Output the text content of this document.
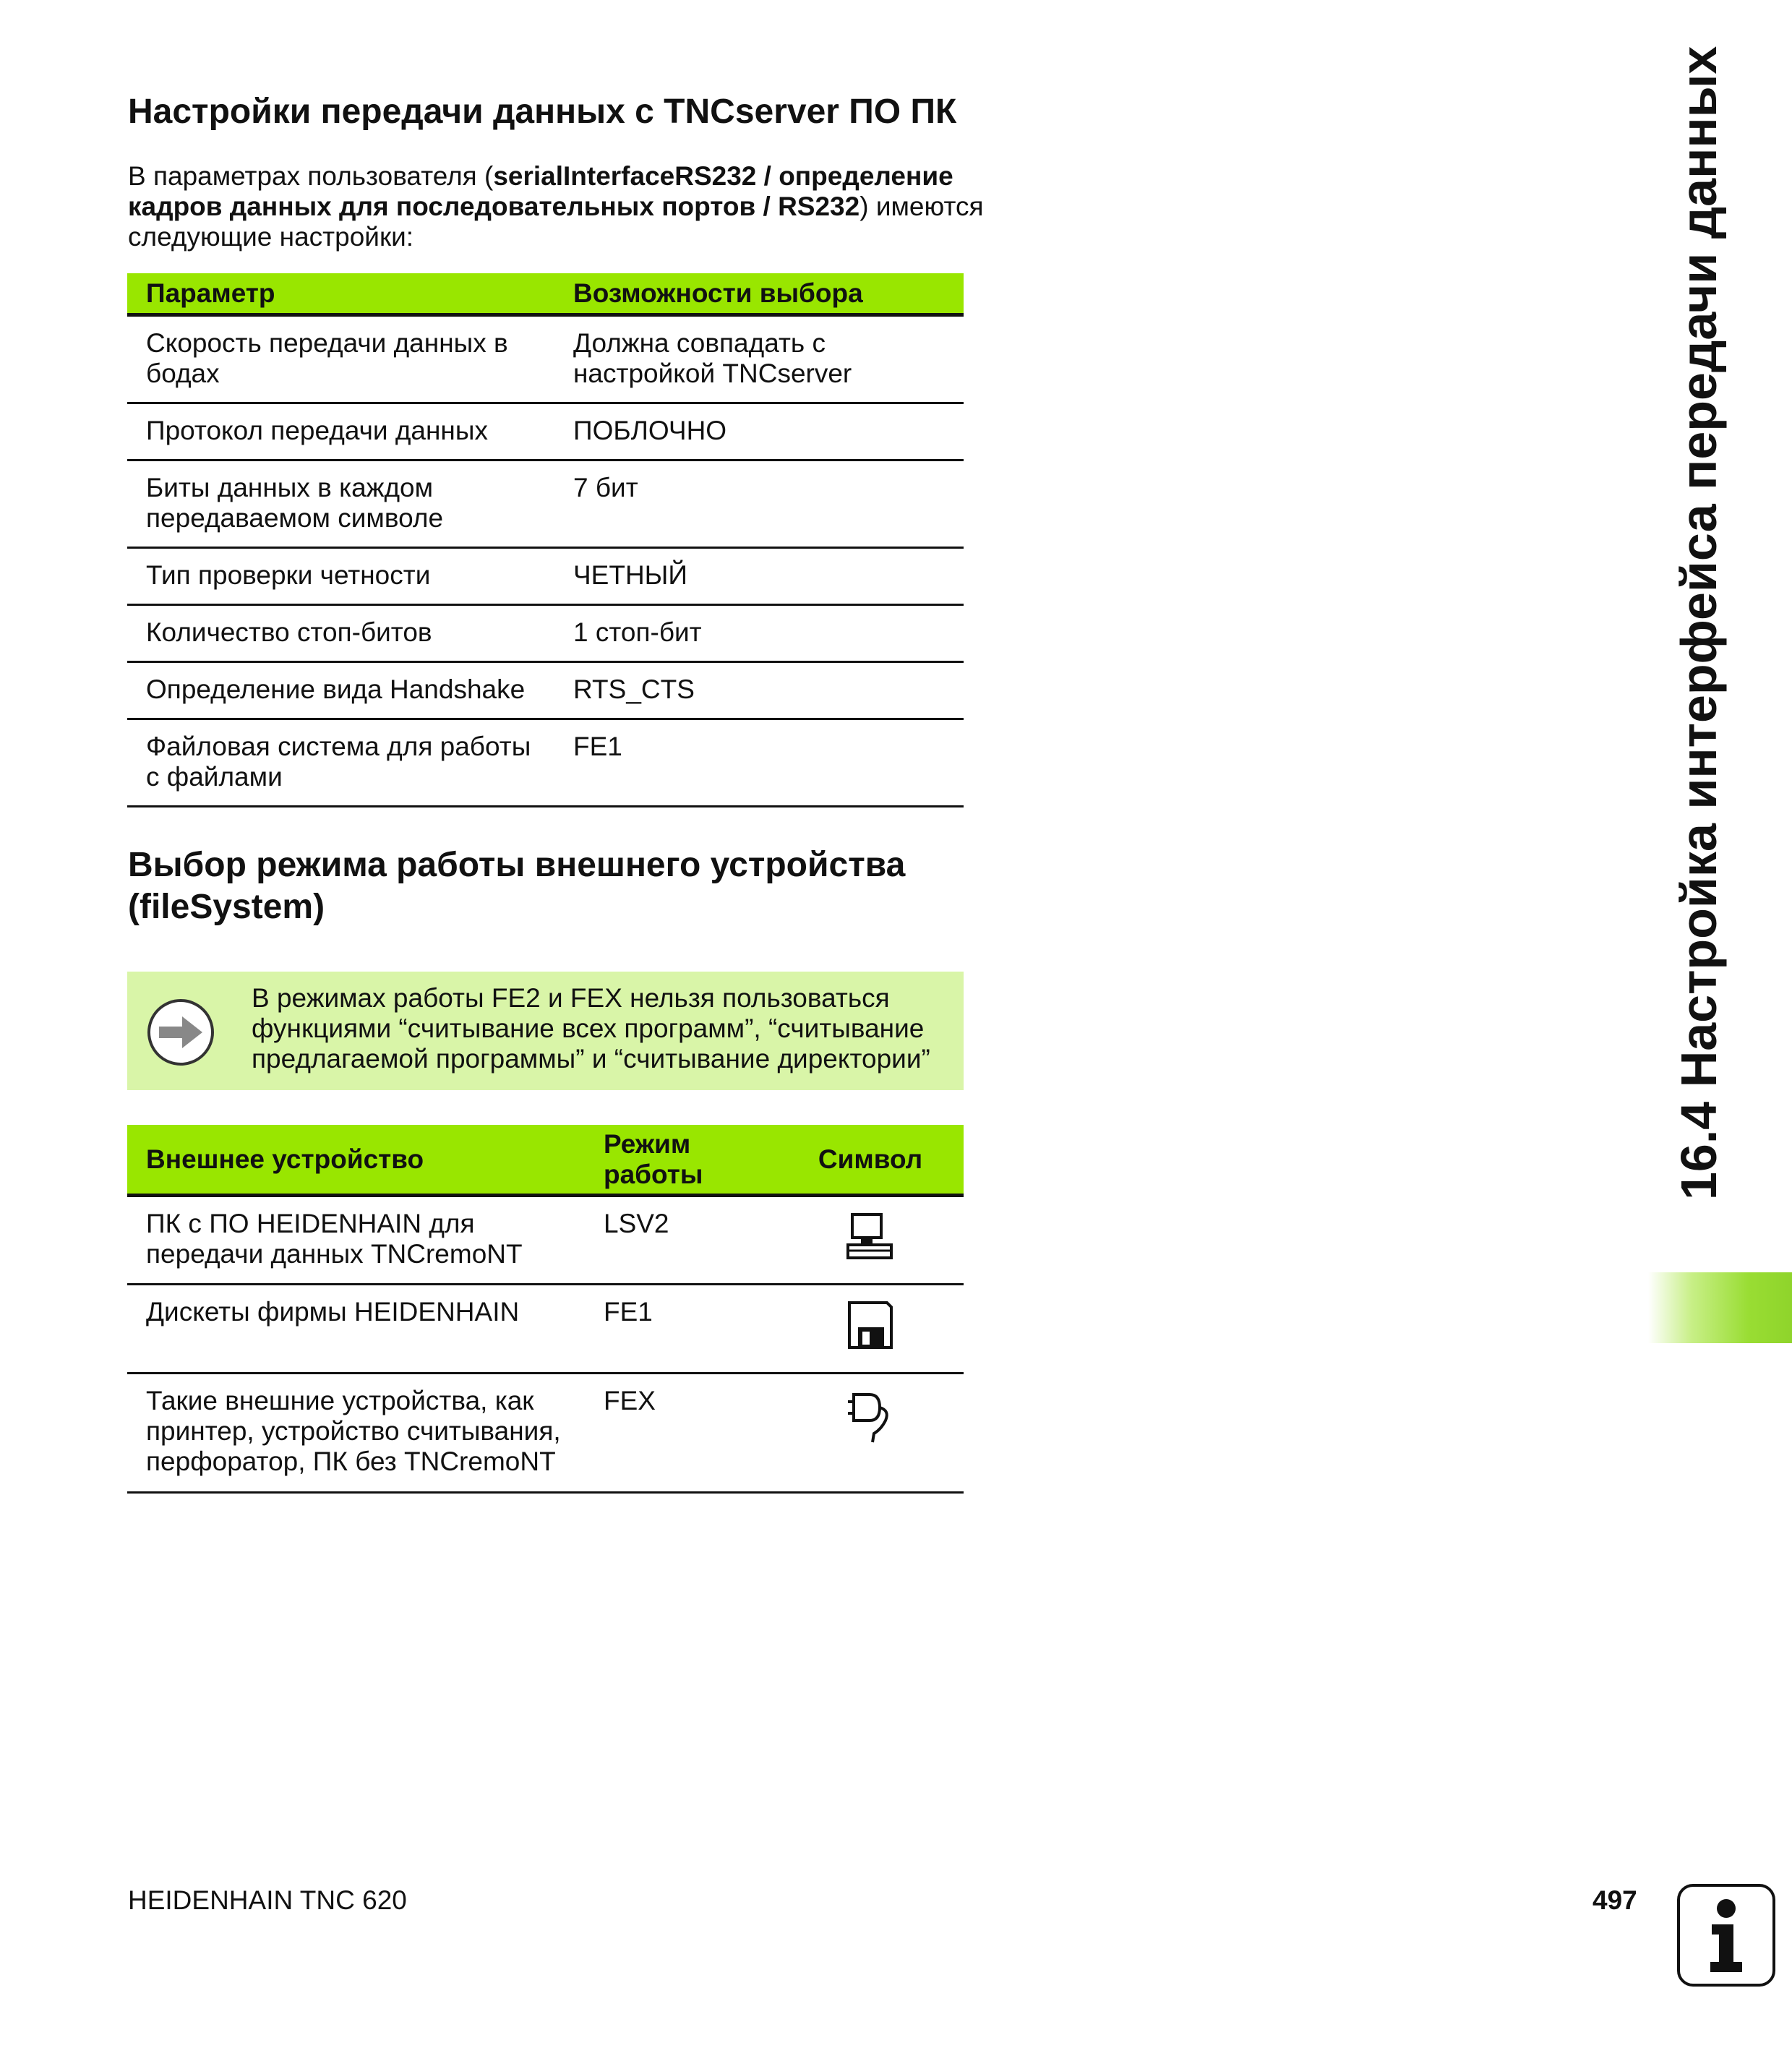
Настройки передачи данных с TNCserver ПО ПК
В параметрах пользователя (serialInterfaceRS232 / определение кадров данных для последовательных портов / RS232) имеются следующие настройки:
Параметр	Возможности выбора
Скорость передачи данных в бодах	Должна совпадать с настройкой TNCserver
Протокол передачи данных	ПОБЛОЧНО
Биты данных в каждом передаваемом символе	7 бит
Тип проверки четности	ЧЕТНЫЙ
Количество стоп-битов	1 стоп-бит
Определение вида Handshake	RTS_CTS
Файловая система для работы с файлами	FE1
Выбор режима работы внешнего устройства (fileSystem)
В режимах работы FE2 и FEX нельзя пользоваться функциями “считывание всех программ”, “считывание предлагаемой программы” и “считывание директории”
Внешнее устройство	Режим работы	Символ
ПК с ПО HEIDENHAIN для передачи данных TNCremoNT	LSV2	
Дискеты фирмы HEIDENHAIN	FE1	
Такие внешние устройства, как принтер, устройство считывания, перфоратор, ПК без TNCremoNT	FEX	
16.4 Настройка интерфейса передачи данных
HEIDENHAIN TNC 620	497
